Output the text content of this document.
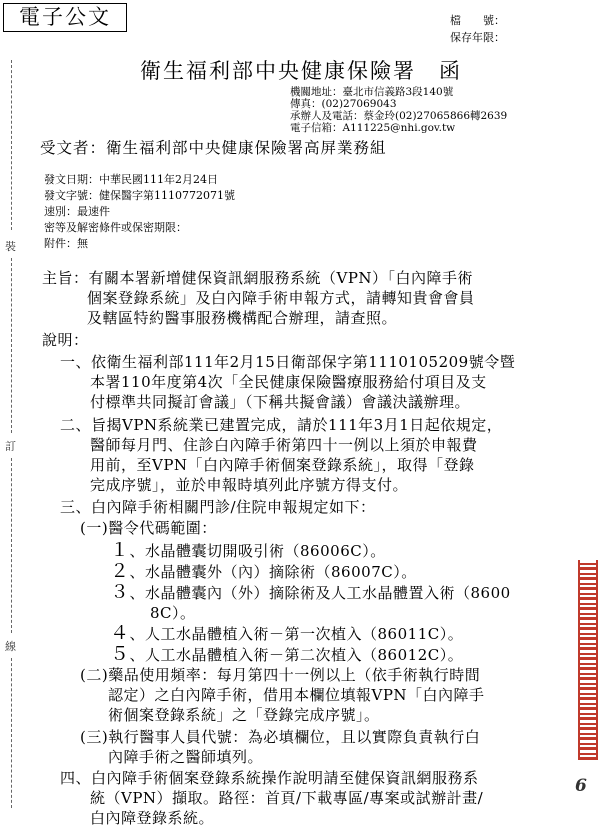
電子公文	檔　　號：
保存年限：
衛生福利部中央健康保險署　函
機關地址：臺北市信義路3段140號
傳真：(02)27069043
承辦人及電話：蔡金玲(02)27065866轉2639
電子信箱：A111225@nhi.gov.tw
受文者：衛生福利部中央健康保險署高屏業務組
發文日期：中華民國111年2月24日
發文字號：健保醫字第1110772071號
速別：最速件
密等及解密條件或保密期限：
附件：無
主旨：有關本署新增健保資訊網服務系統（VPN）「白內障手術
個案登錄系統」及白內障手術申報方式，請轉知貴會會員
及轄區特約醫事服務機構配合辦理，請查照。
說明：
一、依衛生福利部111年2月15日衛部保字第1110105209號令暨
本署110年度第4次「全民健康保險醫療服務給付項目及支
付標準共同擬訂會議」（下稱共擬會議）會議決議辦理。
二、旨揭VPN系統業已建置完成，請於111年3月1日起依規定，
醫師每月門、住診白內障手術第四十一例以上須於申報費
用前，至VPN「白內障手術個案登錄系統」，取得「登錄
完成序號」，並於申報時填列此序號方得支付。
三、白內障手術相關門診/住院申報規定如下：
(一)醫令代碼範圍：
１、水晶體囊切開吸引術（86006C）。
２、水晶體囊外（內）摘除術（86007C）。
３、水晶體囊內（外）摘除術及人工水晶體置入術（8600
8C）。
４、人工水晶體植入術－第一次植入（86011C）。
５、人工水晶體植入術－第二次植入（86012C）。
(二)藥品使用頻率：每月第四十一例以上（依手術執行時間
認定）之白內障手術，借用本欄位填報VPN「白內障手
術個案登錄系統」之「登錄完成序號」。
(三)執行醫事人員代號：為必填欄位，且以實際負責執行白
內障手術之醫師填列。
四、白內障手術個案登錄系統操作說明請至健保資訊網服務系
統（VPN）擷取。路徑：首頁/下載專區/專案或試辦計畫/
白內障登錄系統。
裝
訂
線
6
